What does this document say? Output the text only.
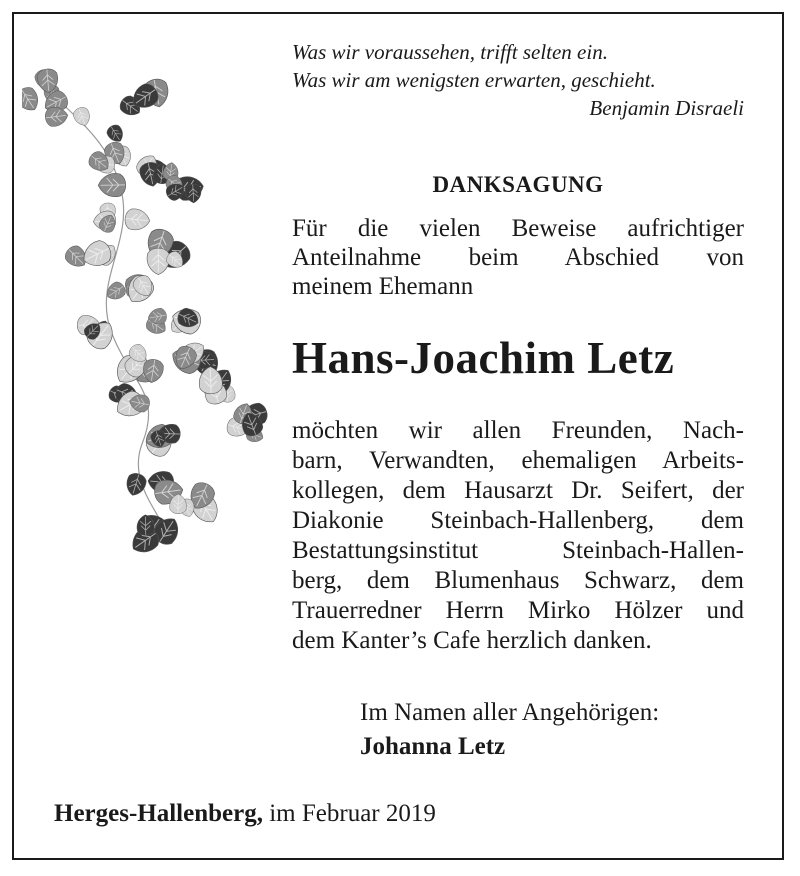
Was wir voraussehen, trifft selten ein.
Was wir am wenigsten erwarten, geschieht.
Benjamin Disraeli
DANKSAGUNG
Für die vielen Beweise aufrichtiger
Anteilnahme beim Abschied von
meinem Ehemann
Hans-Joachim Letz
möchten wir allen Freunden, Nach-
barn, Verwandten, ehemaligen Arbeits-
kollegen, dem Hausarzt Dr. Seifert, der
Diakonie Steinbach-Hallenberg, dem
Bestattungsinstitut Steinbach-Hallen-
berg, dem Blumenhaus Schwarz, dem
Trauerredner Herrn Mirko Hölzer und
dem Kanter’s Cafe herzlich danken.
Im Namen aller Angehörigen:
Johanna Letz
Herges-Hallenberg, im Februar 2019
